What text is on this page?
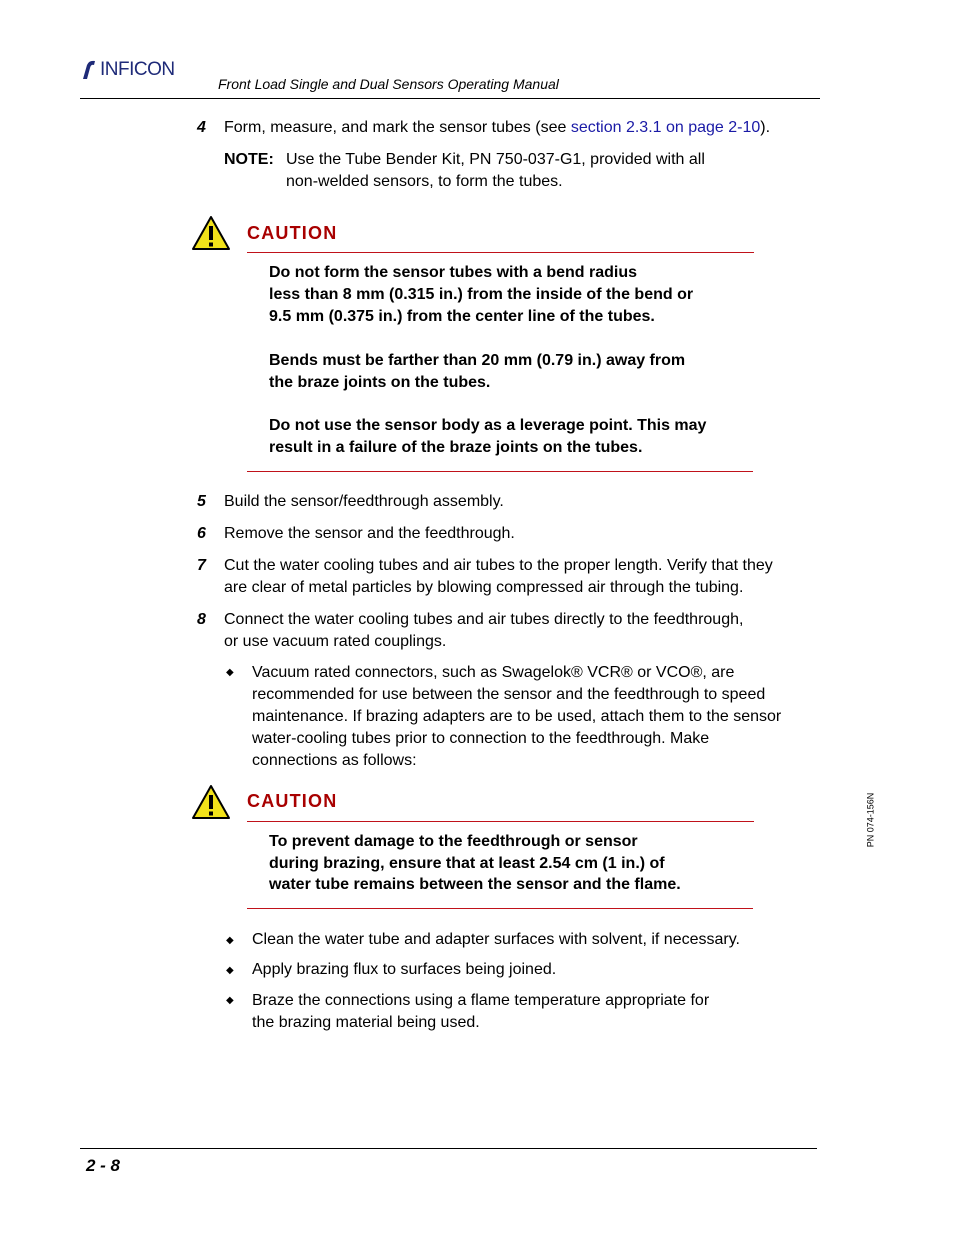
INFICON
Front Load Single and Dual Sensors Operating Manual
4 Form, measure, and mark the sensor tubes (see section 2.3.1 on page 2-10).
NOTE: Use the Tube Bender Kit, PN 750-037-G1, provided with all
non-welded sensors, to form the tubes.
CAUTION
Do not form the sensor tubes with a bend radius
less than 8 mm (0.315 in.) from the inside of the bend or
9.5 mm (0.375 in.) from the center line of the tubes.
Bends must be farther than 20 mm (0.79 in.) away from
the braze joints on the tubes.
Do not use the sensor body as a leverage point. This may
result in a failure of the braze joints on the tubes.
5 Build the sensor/feedthrough assembly.
6 Remove the sensor and the feedthrough.
7 Cut the water cooling tubes and air tubes to the proper length. Verify that they
are clear of metal particles by blowing compressed air through the tubing.
8 Connect the water cooling tubes and air tubes directly to the feedthrough,
or use vacuum rated couplings.
◆ Vacuum rated connectors, such as Swagelok® VCR® or VCO®, are
recommended for use between the sensor and the feedthrough to speed
maintenance. If brazing adapters are to be used, attach them to the sensor
water-cooling tubes prior to connection to the feedthrough. Make
connections as follows:
CAUTION
To prevent damage to the feedthrough or sensor
during brazing, ensure that at least 2.54 cm (1 in.) of
water tube remains between the sensor and the flame.
◆ Clean the water tube and adapter surfaces with solvent, if necessary.
◆ Apply brazing flux to surfaces being joined.
◆ Braze the connections using a flame temperature appropriate for
the brazing material being used.
PN 074-156N
2 - 8
